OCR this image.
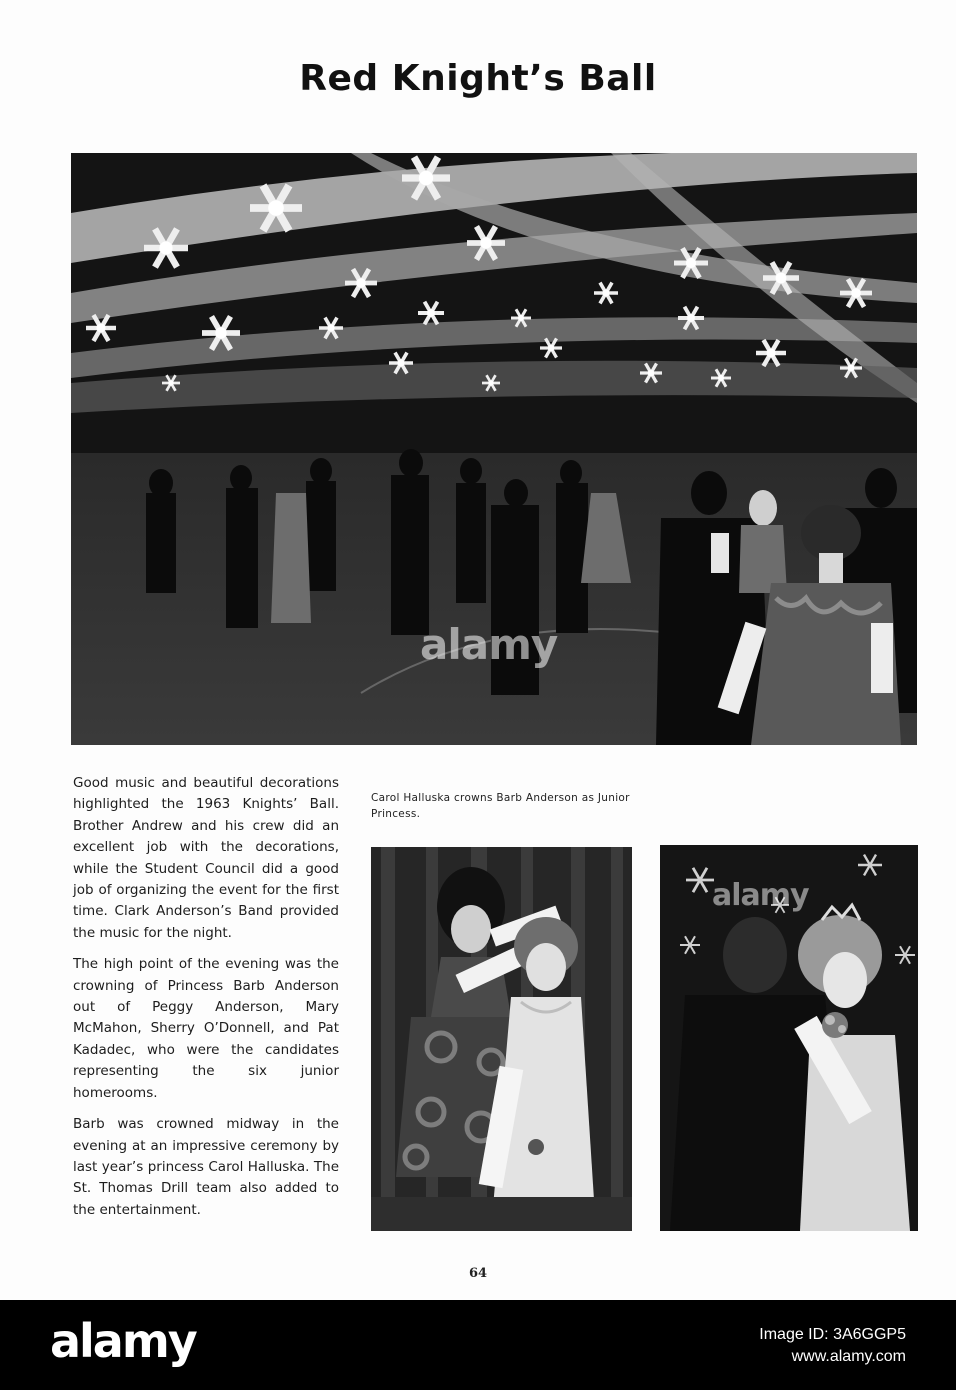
Red Knight’s Ball
alamy

Good music and beautiful decorations highlighted the 1963 Knights’ Ball. Brother Andrew and his crew did an excellent job with the decorations, while the Student Council did a good job of organizing the event for the first time. Clark Anderson’s Band provided the music for the night.

The high point of the evening was the crowning of Princess Barb Anderson out of Peggy Anderson, Mary McMahon, Sherry O’Donnell, and Pat Kadadec, who were the candidates representing the six junior homerooms.

Barb was crowned midway in the evening at an impressive ceremony by last year’s princess Carol Halluska. The St. Thomas Drill team also added to the entertainment.

Carol Halluska crowns Barb Anderson as Junior Princess.
alamy
64
alamy	Image ID: 3A6GGP5
www.alamy.com
